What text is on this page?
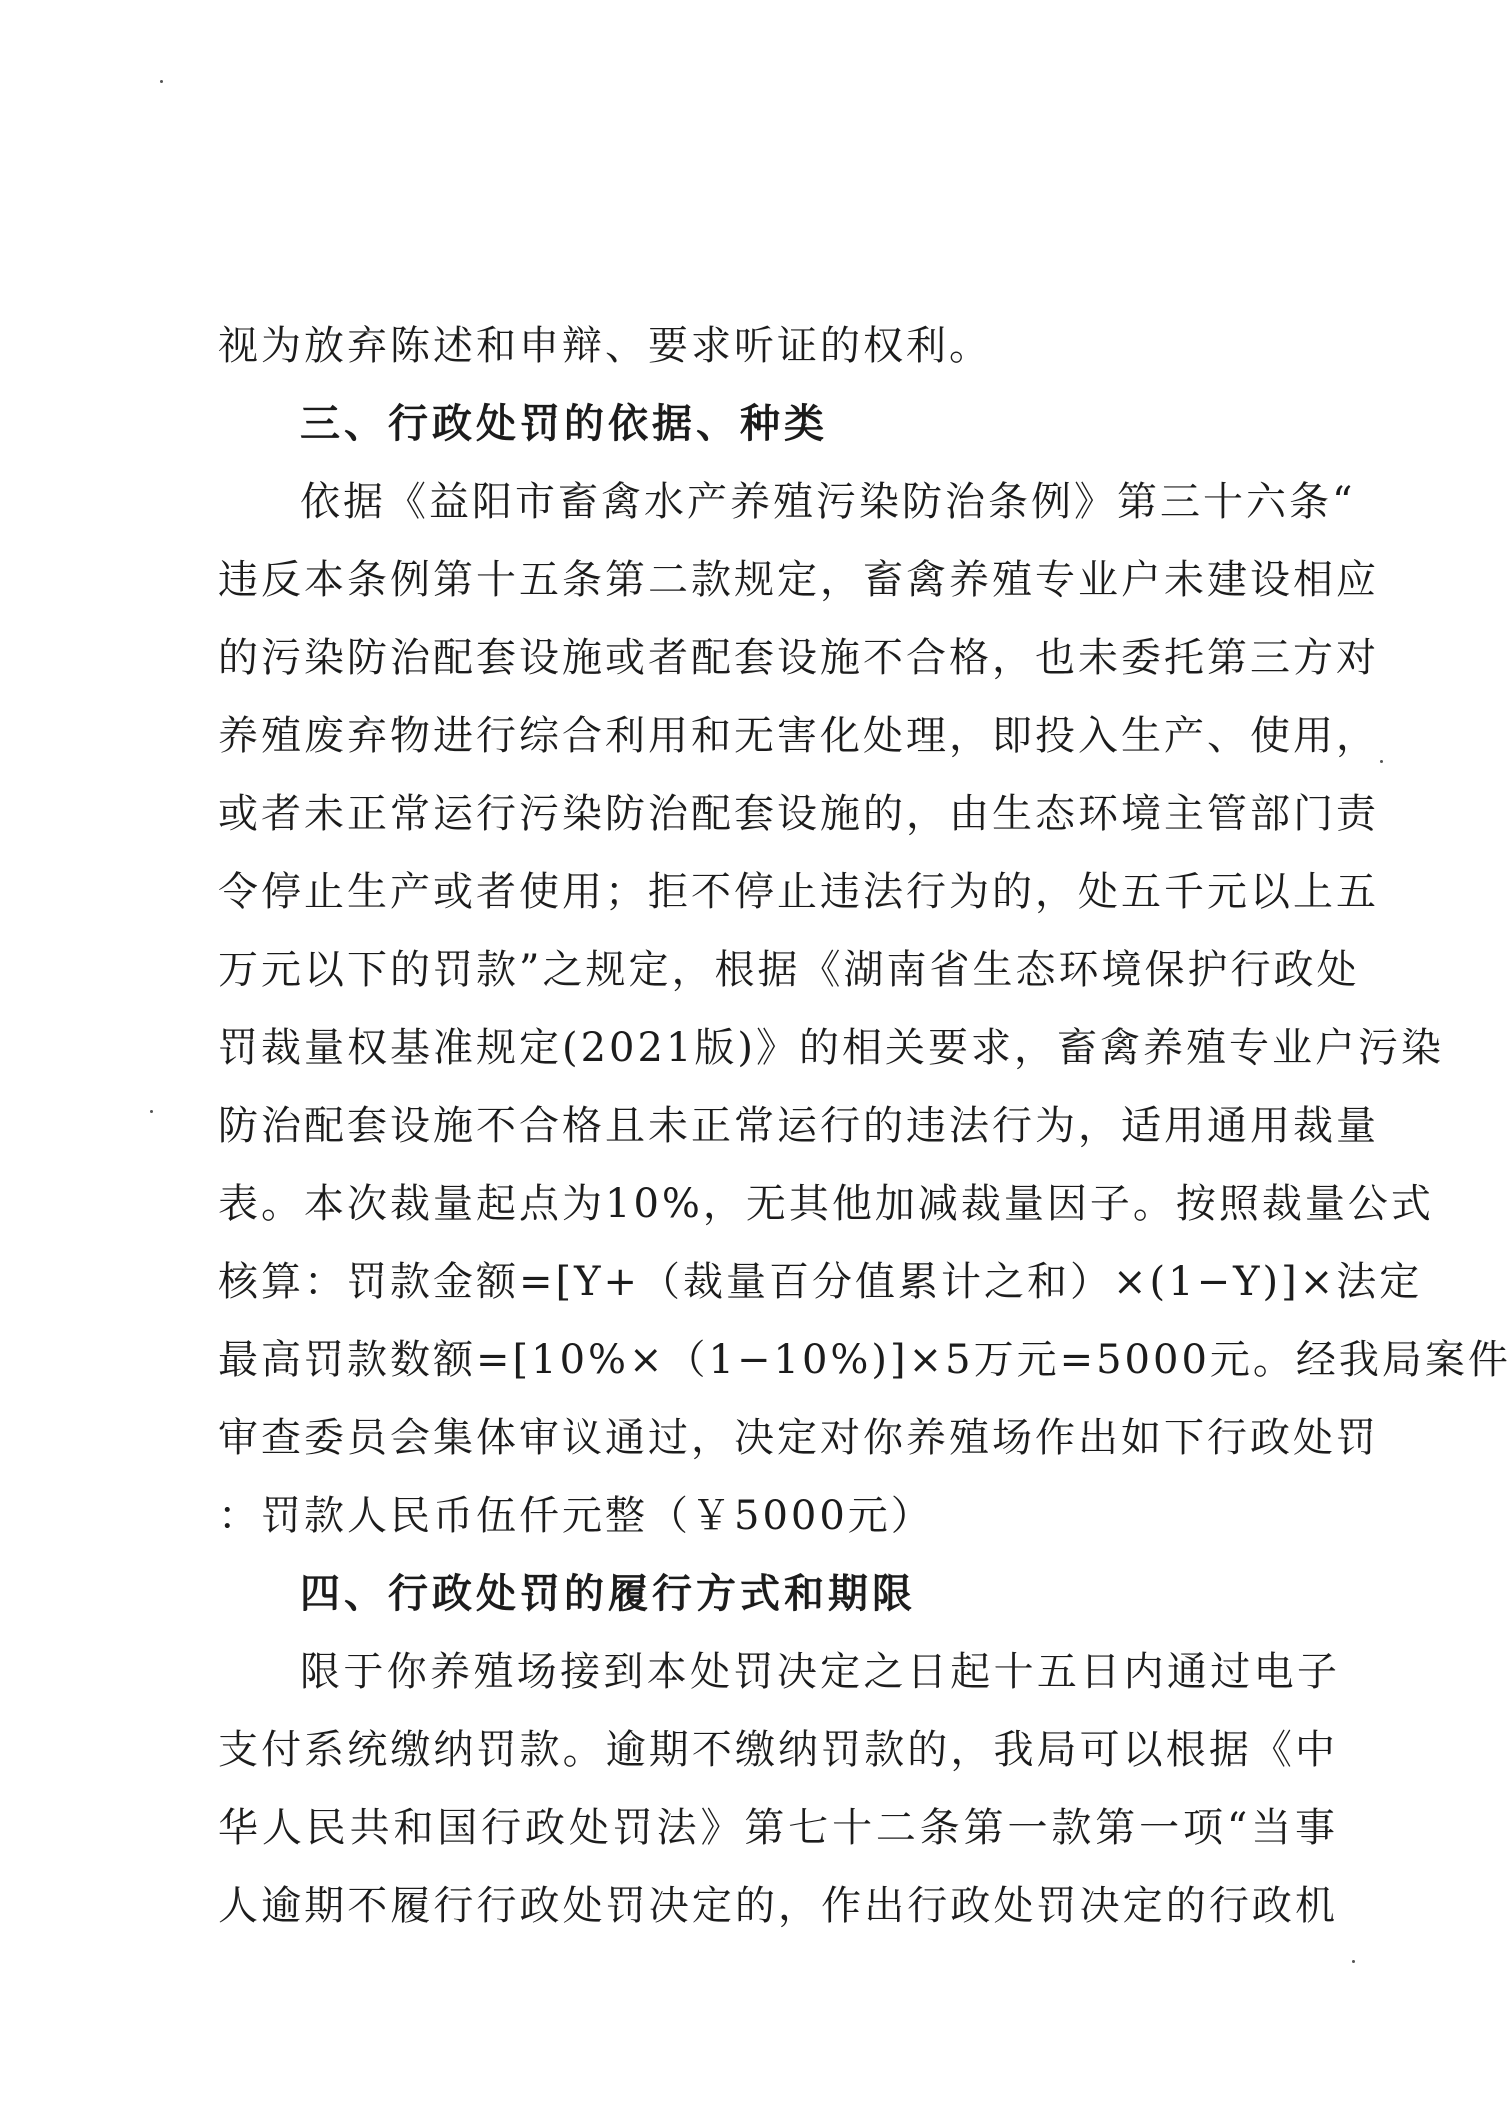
视为放弃陈述和申辩、要求听证的权利。
三、行政处罚的依据、种类
依据《益阳市畜禽水产养殖污染防治条例》第三十六条“
违反本条例第十五条第二款规定，畜禽养殖专业户未建设相应
的污染防治配套设施或者配套设施不合格，也未委托第三方对
养殖废弃物进行综合利用和无害化处理，即投入生产、使用，
或者未正常运行污染防治配套设施的，由生态环境主管部门责
令停止生产或者使用；拒不停止违法行为的，处五千元以上五
万元以下的罚款”之规定，根据《湖南省生态环境保护行政处
罚裁量权基准规定(2021版)》的相关要求，畜禽养殖专业户污染
防治配套设施不合格且未正常运行的违法行为，适用通用裁量
表。本次裁量起点为10%，无其他加减裁量因子。按照裁量公式
核算：罚款金额=[Y+（裁量百分值累计之和）×(1−Y)]×法定
最高罚款数额=[10%×（1−10%)]×5万元=5000元。经我局案件
审查委员会集体审议通过，决定对你养殖场作出如下行政处罚
：罚款人民币伍仟元整（￥5000元）
四、行政处罚的履行方式和期限
限于你养殖场接到本处罚决定之日起十五日内通过电子
支付系统缴纳罚款。逾期不缴纳罚款的，我局可以根据《中
华人民共和国行政处罚法》第七十二条第一款第一项“当事
人逾期不履行行政处罚决定的，作出行政处罚决定的行政机
